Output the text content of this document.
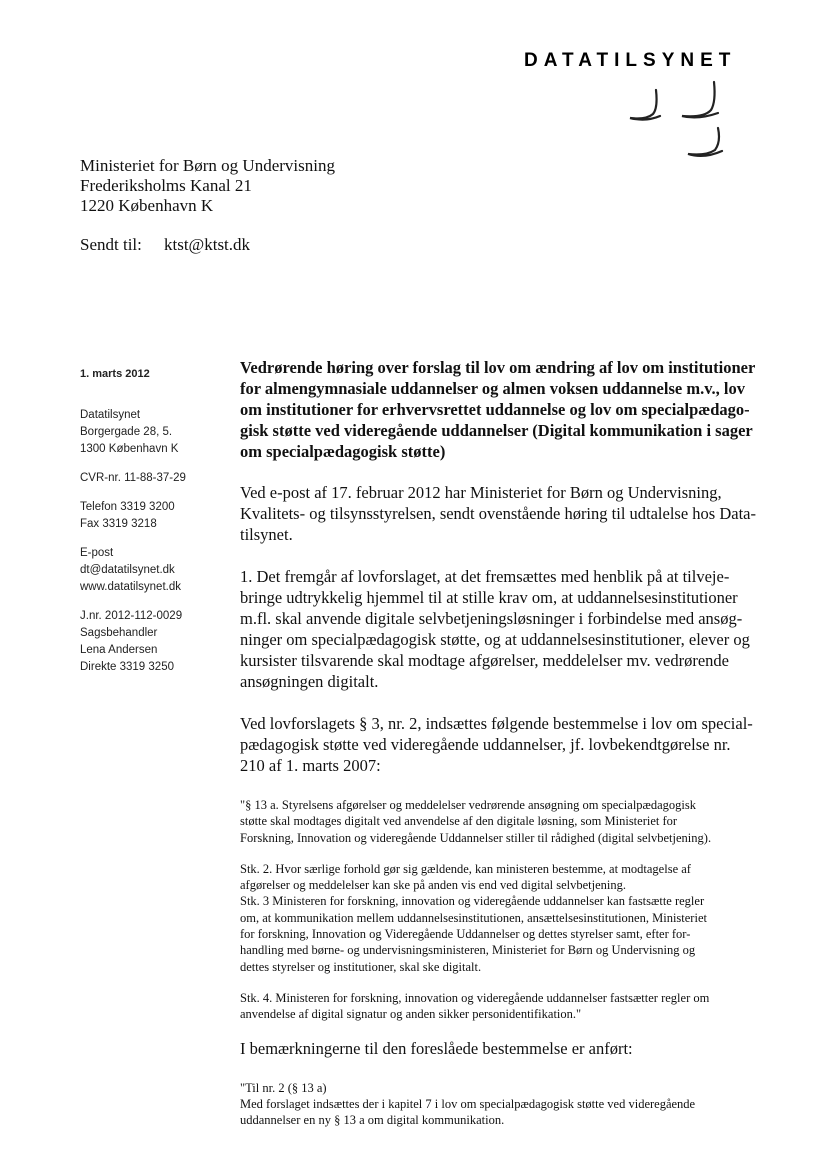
DATATILSYNET
Ministeriet for Børn og Undervisning
Frederiksholms Kanal 21
1220 København K
Sendt til: ktst@ktst.dk
1. marts 2012
Datatilsynet
Borgergade 28, 5.
1300 København K
CVR-nr. 11-88-37-29
Telefon 3319 3200
Fax 3319 3218
E-post
dt@datatilsynet.dk
www.datatilsynet.dk
J.nr. 2012-112-0029
Sagsbehandler
Lena Andersen
Direkte 3319 3250
Vedrørende høring over forslag til lov om ændring af lov om institutioner
for almengymnasiale uddannelser og almen voksen uddannelse m.v., lov
om institutioner for erhvervsrettet uddannelse og lov om specialpædago-
gisk støtte ved videregående uddannelser (Digital kommunikation i sager
om specialpædagogisk støtte)
Ved e-post af 17. februar 2012 har Ministeriet for Børn og Undervisning,
Kvalitets- og tilsynsstyrelsen, sendt ovenstående høring til udtalelse hos Data-
tilsynet.
1. Det fremgår af lovforslaget, at det fremsættes med henblik på at tilveje-
bringe udtrykkelig hjemmel til at stille krav om, at uddannelsesinstitutioner
m.fl. skal anvende digitale selvbetjeningsløsninger i forbindelse med ansøg-
ninger om specialpædagogisk støtte, og at uddannelsesinstitutioner, elever og
kursister tilsvarende skal modtage afgørelser, meddelelser mv. vedrørende
ansøgningen digitalt.
Ved lovforslagets § 3, nr. 2, indsættes følgende bestemmelse i lov om special-
pædagogisk støtte ved videregående uddannelser, jf. lovbekendtgørelse nr.
210 af 1. marts 2007:
"§ 13 a. Styrelsens afgørelser og meddelelser vedrørende ansøgning om specialpædagogisk
støtte skal modtages digitalt ved anvendelse af den digitale løsning, som Ministeriet for
Forskning, Innovation og videregående Uddannelser stiller til rådighed (digital selvbetjening).
Stk. 2. Hvor særlige forhold gør sig gældende, kan ministeren bestemme, at modtagelse af
afgørelser og meddelelser kan ske på anden vis end ved digital selvbetjening.
Stk. 3 Ministeren for forskning, innovation og videregående uddannelser kan fastsætte regler
om, at kommunikation mellem uddannelsesinstitutionen, ansættelsesinstitutionen, Ministeriet
for forskning, Innovation og Videregående Uddannelser og dettes styrelser samt, efter for-
handling med børne- og undervisningsministeren, Ministeriet for Børn og Undervisning og
dettes styrelser og institutioner, skal ske digitalt.
Stk. 4. Ministeren for forskning, innovation og videregående uddannelser fastsætter regler om
anvendelse af digital signatur og anden sikker personidentifikation."
I bemærkningerne til den foreslåede bestemmelse er anført:
"Til nr. 2 (§ 13 a)
Med forslaget indsættes der i kapitel 7 i lov om specialpædagogisk støtte ved videregående
uddannelser en ny § 13 a om digital kommunikation.
